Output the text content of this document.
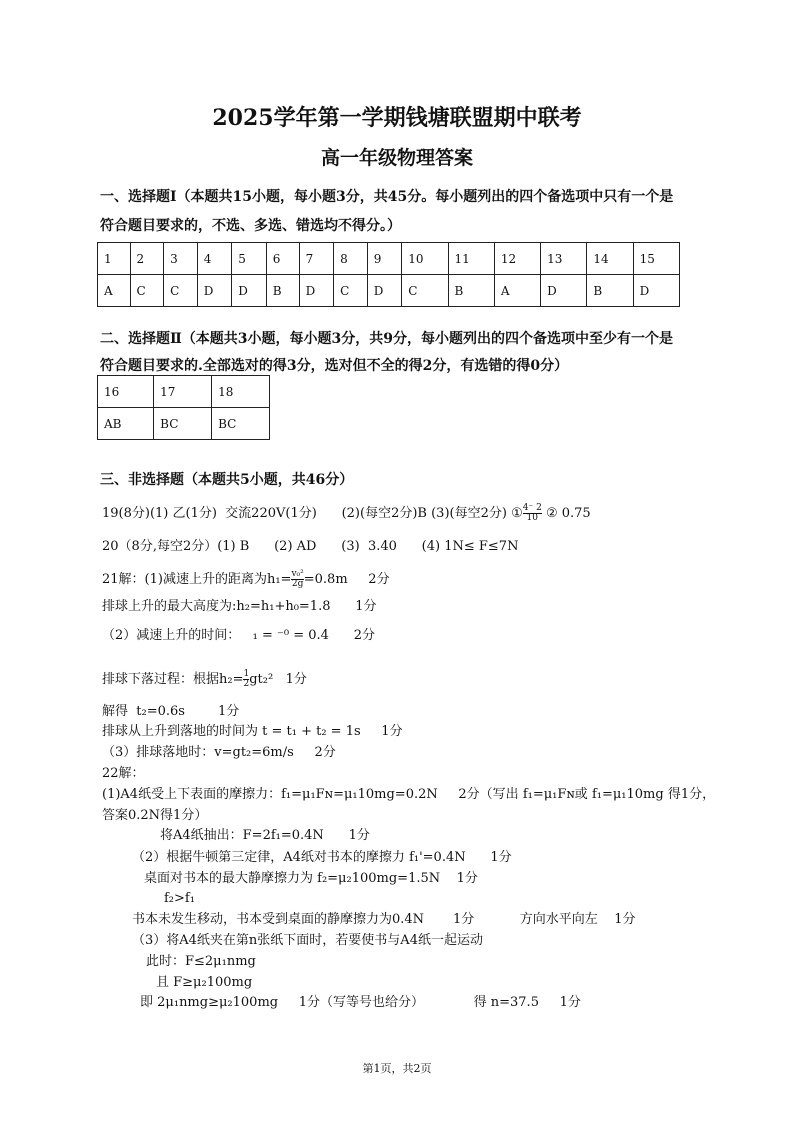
2025学年第一学期钱塘联盟期中联考
高一年级物理答案
一、选择题Ⅰ（本题共15小题，每小题3分，共45分。每小题列出的四个备选项中只有一个是
符合题目要求的，不选、多选、错选均不得分。）
1	2	3	4	5	6	7	8	9	10	11	12	13	14	15
A	C	C	D	D	B	D	C	D	C	B	A	D	B	D
二、选择题Ⅱ（本题共3小题，每小题3分，共9分，每小题列出的四个备选项中至少有一个是
符合题目要求的.全部选对的得3分，选对但不全的得2分，有选错的得0分）
16	17	18
AB	BC	BC
三、非选择题（本题共5小题，共46分）
19(8分)(1) 乙(1分)  交流220V(1分)      (2)(每空2分)B (3)(每空2分) ① $\frac{4^- 2}{10}$ ② 0.75
20（8分,每空2分）(1) B      (2) AD      (3)  3.40      (4) 1N≤ F≤7N
21解：(1)减速上升的距离为$h_1= \frac{\text{v₀²}}{2g} =0.8m$     2分
排球上升的最大高度为:h₂=h₁+h₀=1.8      1分
（2）减速上升的时间：   ₁ = ⁻⁰ = 0.4      2分
排球下落过程：根据$h_2= \frac{1}{2} gt_2^2$   1分
解得  t₂=0.6s        1分
排球从上升到落地的时间为 t = t₁ + t₂ = 1s     1分
（3）排球落地时：v=gt₂=6m/s     2分
22解：
(1)A4纸受上下表面的摩擦力：f₁=μ₁Fɴ=μ₁10mg=0.2N     2分（写出 f₁=μ₁Fɴ或 f₁=μ₁10mg 得1分，
答案0.2N得1分）
将A4纸抽出：F=2f₁=0.4N      1分
（2）根据牛顿第三定律，A4纸对书本的摩擦力 f₁'=0.4N      1分
桌面对书本的最大静摩擦力为 f₂=μ₂100mg=1.5N    1分
f₂>f₁
书本未发生移动，书本受到桌面的静摩擦力为0.4N       1分           方向水平向左    1分
（3）将A4纸夹在第n张纸下面时，若要使书与A4纸一起运动
此时：F≤2μ₁nmg
且 F≥μ₂100mg
即 2μ₁nmg≥μ₂100mg     1分（写等号也给分）            得 n=37.5     1分
第1页，共2页
